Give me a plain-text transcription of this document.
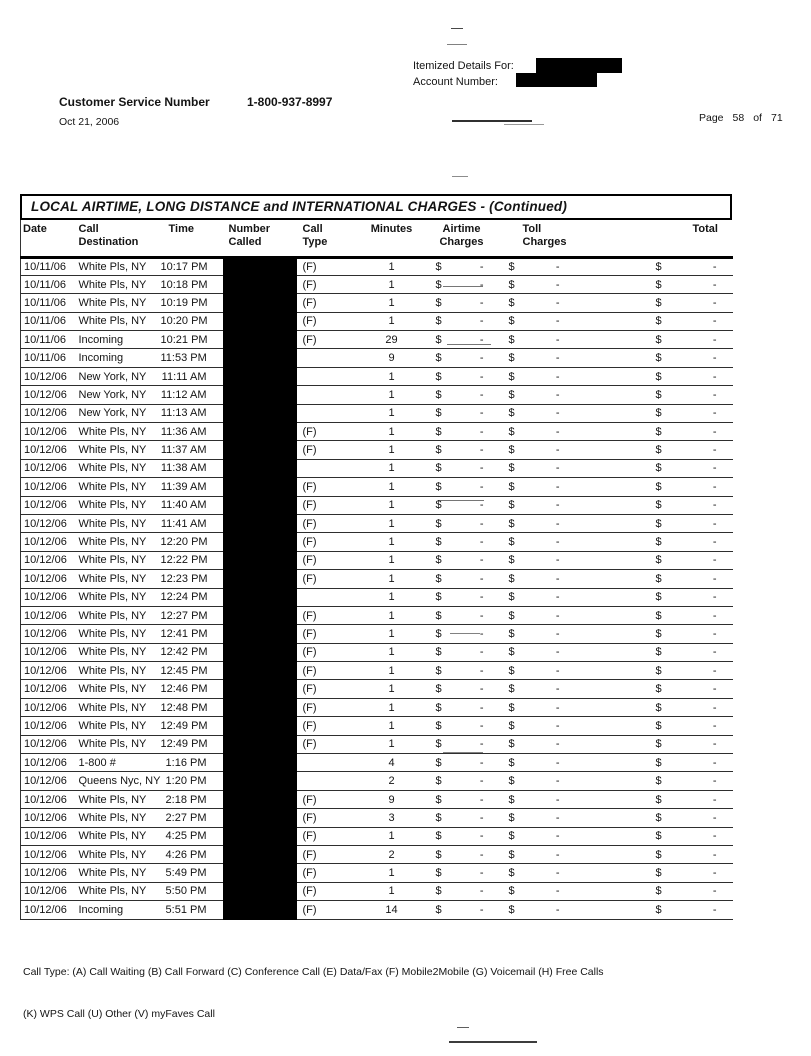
Itemized Details For:
Account Number:
Customer Service Number	1-800-937-8997
Oct 21, 2006	Page 58 of 71
LOCAL AIRTIME, LONG DISTANCE and INTERNATIONAL CHARGES - (Continued)
Date	Call
Destination

Time	Number
Called

Call
Type

Minutes	Airtime
Charges

Toll
Charges

Total

10/11/06	White Pls, NY	10:17 PM		(F)	1	$ -	$ -		$ -

10/11/06	White Pls, NY	10:18 PM		(F)	1	$ -	$ -		$ -

10/11/06	White Pls, NY	10:19 PM		(F)	1	$ -	$ -		$ -

10/11/06	White Pls, NY	10:20 PM		(F)	1	$ -	$ -		$ -

10/11/06	Incoming	10:21 PM		(F)	29	$ -	$ -		$ -

10/11/06	Incoming	11:53 PM			9	$ -	$ -		$ -

10/12/06	New York, NY	11:11 AM			1	$ -	$ -		$ -

10/12/06	New York, NY	11:12 AM			1	$ -	$ -		$ -

10/12/06	New York, NY	11:13 AM			1	$ -	$ -		$ -

10/12/06	White Pls, NY	11:36 AM		(F)	1	$ -	$ -		$ -

10/12/06	White Pls, NY	11:37 AM		(F)	1	$ -	$ -		$ -

10/12/06	White Pls, NY	11:38 AM			1	$ -	$ -		$ -

10/12/06	White Pls, NY	11:39 AM		(F)	1	$ -	$ -		$ -

10/12/06	White Pls, NY	11:40 AM		(F)	1	$ -	$ -		$ -

10/12/06	White Pls, NY	11:41 AM		(F)	1	$ -	$ -		$ -

10/12/06	White Pls, NY	12:20 PM		(F)	1	$ -	$ -		$ -

10/12/06	White Pls, NY	12:22 PM		(F)	1	$ -	$ -		$ -

10/12/06	White Pls, NY	12:23 PM		(F)	1	$ -	$ -		$ -

10/12/06	White Pls, NY	12:24 PM			1	$ -	$ -		$ -

10/12/06	White Pls, NY	12:27 PM		(F)	1	$ -	$ -		$ -

10/12/06	White Pls, NY	12:41 PM		(F)	1	$ -	$ -		$ -

10/12/06	White Pls, NY	12:42 PM		(F)	1	$ -	$ -		$ -

10/12/06	White Pls, NY	12:45 PM		(F)	1	$ -	$ -		$ -

10/12/06	White Pls, NY	12:46 PM		(F)	1	$ -	$ -		$ -

10/12/06	White Pls, NY	12:48 PM		(F)	1	$ -	$ -		$ -

10/12/06	White Pls, NY	12:49 PM		(F)	1	$ -	$ -		$ -

10/12/06	White Pls, NY	12:49 PM		(F)	1	$ -	$ -		$ -

10/12/06	1-800 #	1:16 PM			4	$ -	$ -		$ -

10/12/06	Queens Nyc, NY	1:20 PM			2	$ -	$ -		$ -

10/12/06	White Pls, NY	2:18 PM		(F)	9	$ -	$ -		$ -

10/12/06	White Pls, NY	2:27 PM		(F)	3	$ -	$ -		$ -

10/12/06	White Pls, NY	4:25 PM		(F)	1	$ -	$ -		$ -

10/12/06	White Pls, NY	4:26 PM		(F)	2	$ -	$ -		$ -

10/12/06	White Pls, NY	5:49 PM		(F)	1	$ -	$ -		$ -

10/12/06	White Pls, NY	5:50 PM		(F)	1	$ -	$ -		$ -

10/12/06	Incoming	5:51 PM		(F)	14	$ -	$ -		$ -
Call Type: (A) Call Waiting (B) Call Forward (C) Conference Call (E) Data/Fax (F) Mobile2Mobile (G) Voicemail (H) Free Calls
(K) WPS Call (U) Other (V) myFaves Call
